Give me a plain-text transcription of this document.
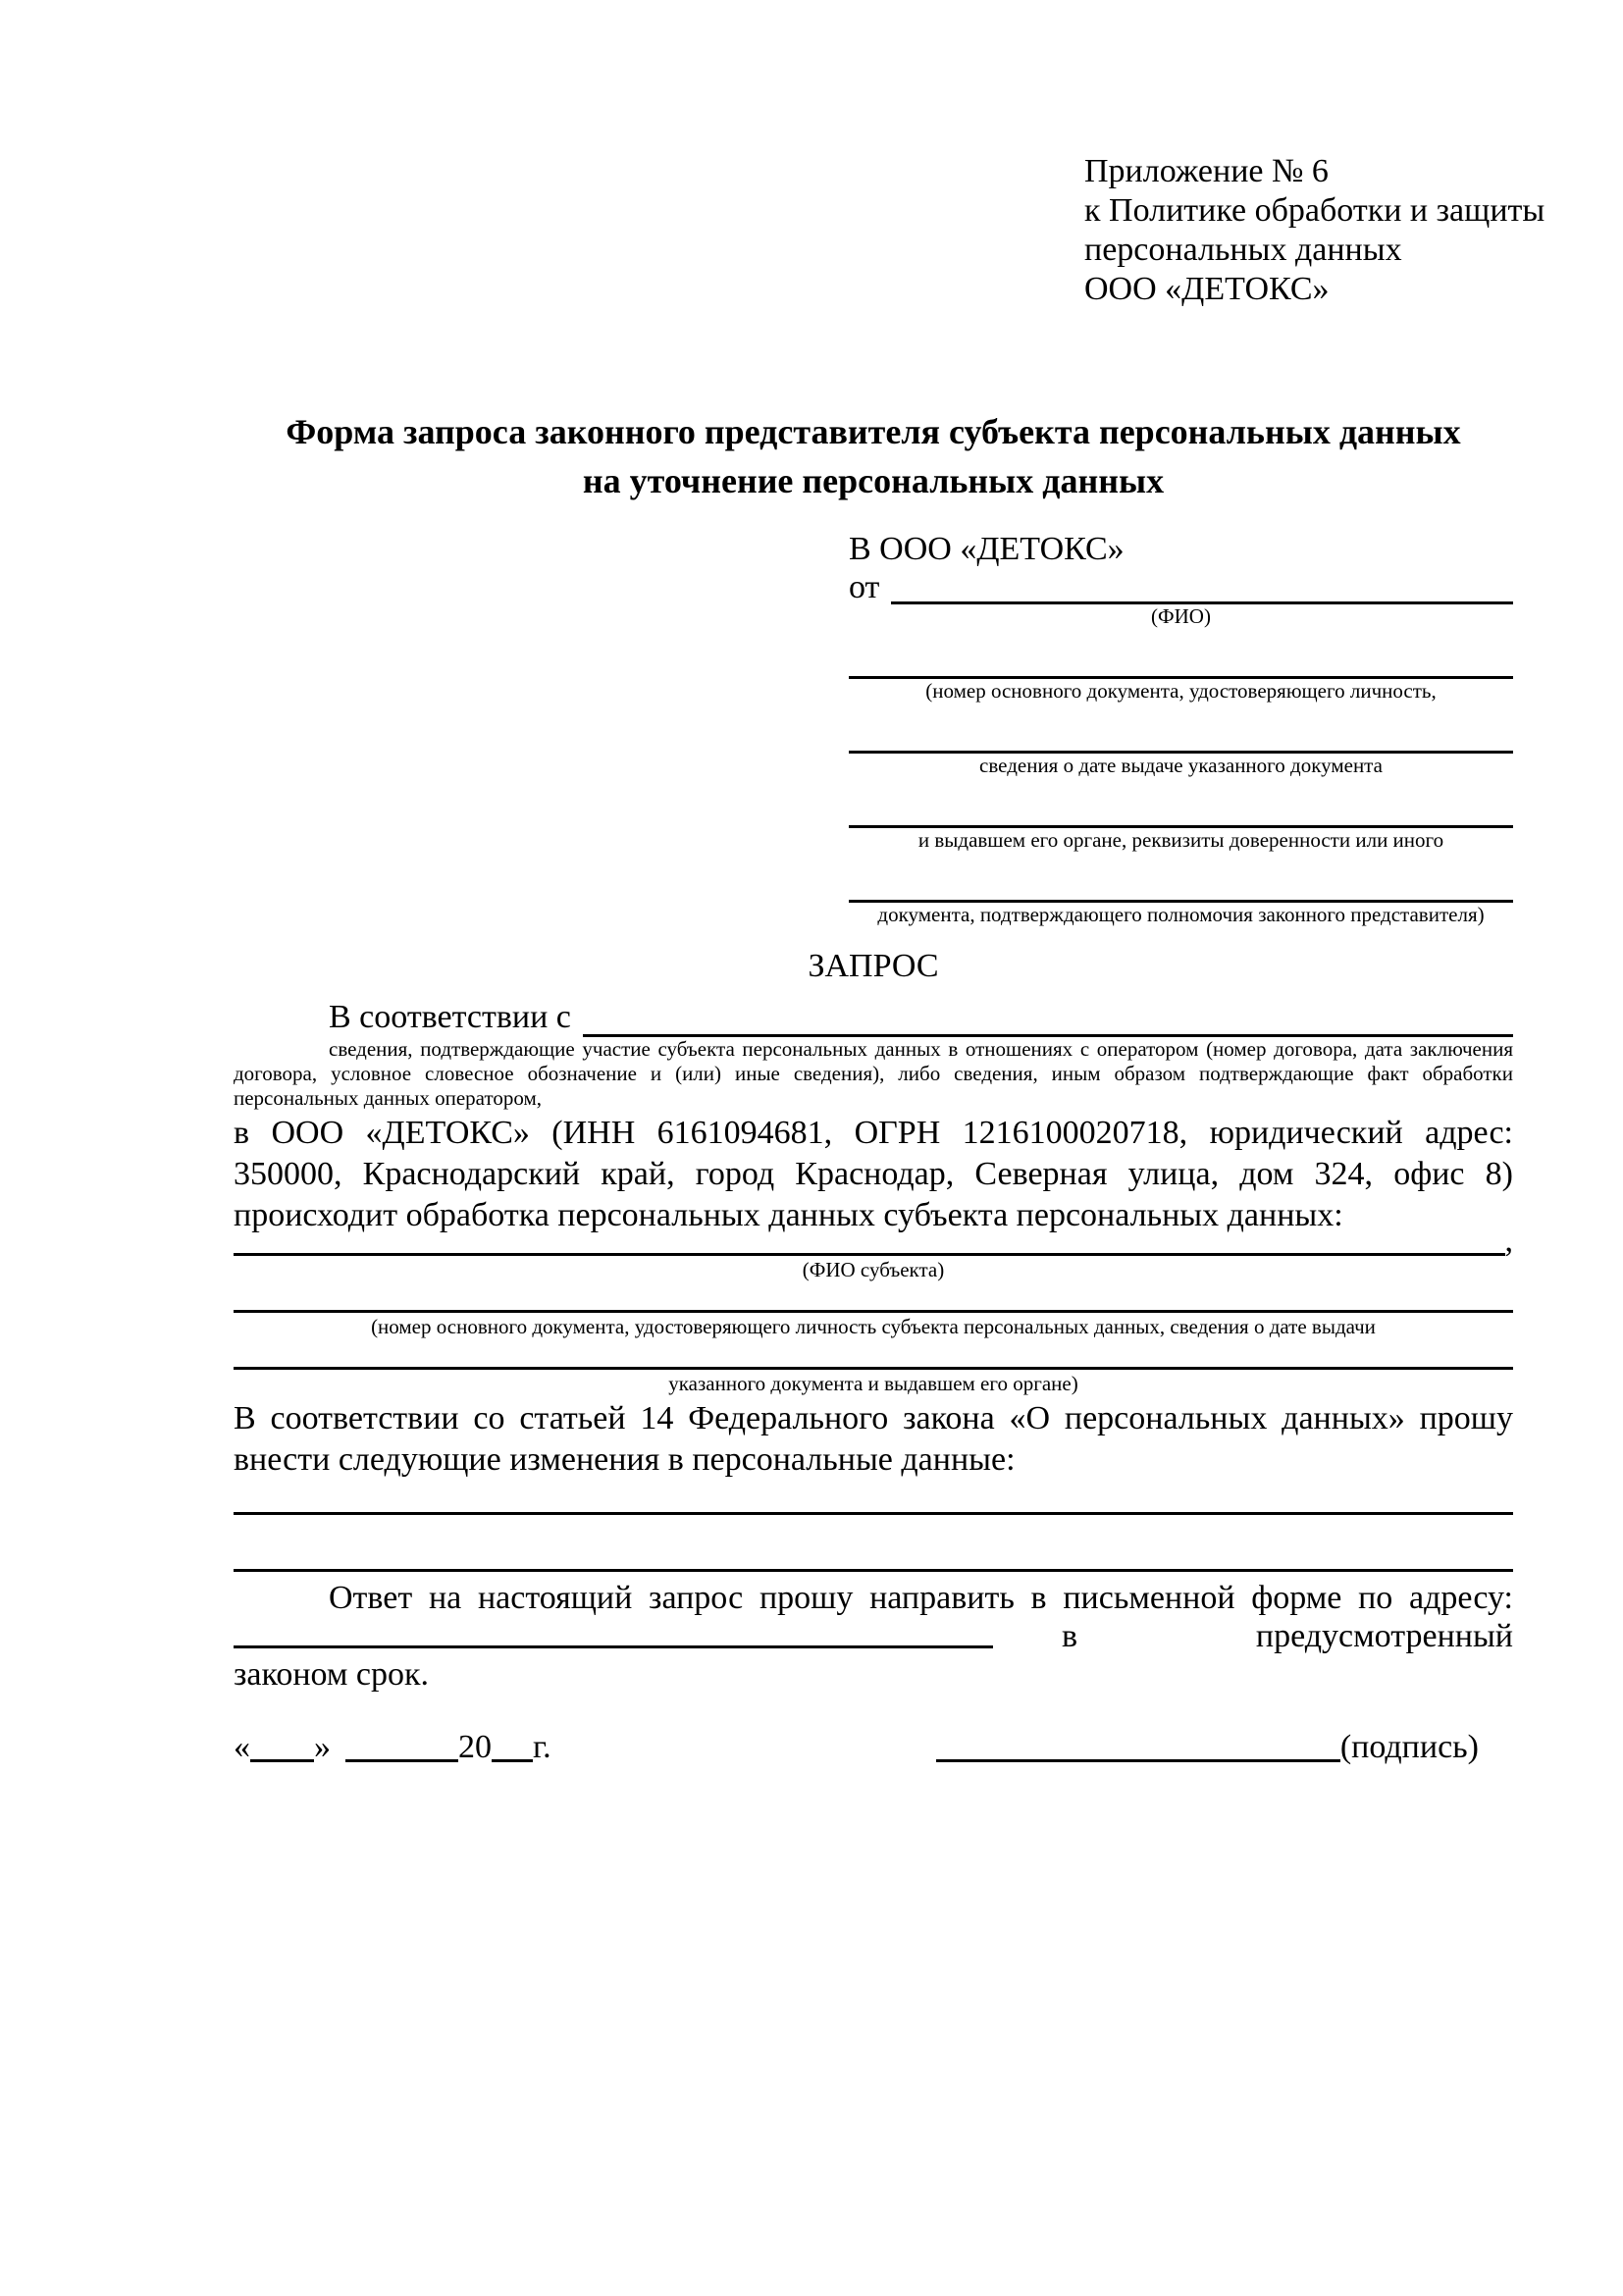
Приложение № 6
к Политике обработки и защиты
персональных данных
ООО «ДЕТОКС»
Форма запроса законного представителя субъекта персональных данных
на уточнение персональных данных
В ООО «ДЕТОКС»
от
(ФИО)
(номер основного документа, удостоверяющего личность,
сведения о дате выдаче указанного документа
и выдавшем его органе, реквизиты доверенности или иного
документа, подтверждающего полномочия законного представителя)
ЗАПРОС
В соответствии с
сведения, подтверждающие участие субъекта персональных данных в отношениях с оператором (номер договора, дата заключения договора, условное словесное обозначение и (или) иные сведения), либо сведения, иным образом подтверждающие факт обработки персональных данных оператором,
в ООО «ДЕТОКС» (ИНН 6161094681, ОГРН 1216100020718, юридический адрес: 350000, Краснодарский край, город Краснодар, Северная улица, дом 324, офис 8) происходит обработка персональных данных субъекта персональных данных:
,
(ФИО субъекта)
(номер основного документа, удостоверяющего личность субъекта персональных данных, сведения о дате выдачи
указанного документа и выдавшем его органе)
В соответствии со статьей 14 Федерального закона «О персональных данных» прошу внести следующие изменения в персональные данные:
Ответ на настоящий запрос прошу направить в письменной форме по адресу:
в	предусмотренный
законом срок.
« »	20 г.	(подпись)
